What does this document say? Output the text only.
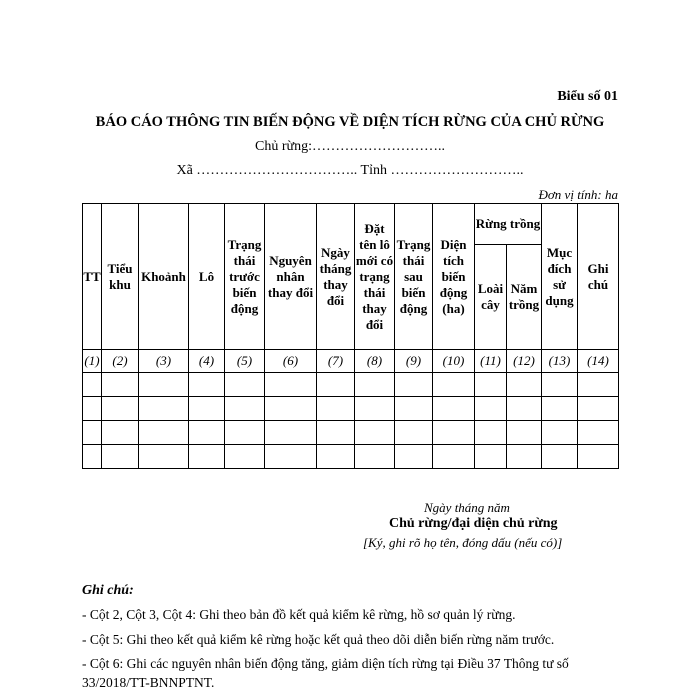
Biểu số 01
BÁO CÁO THÔNG TIN BIẾN ĐỘNG VỀ DIỆN TÍCH RỪNG CỦA CHỦ RỪNG
Chủ rừng:………………………..
Xã …………………………….. Tỉnh ………………………..
Đơn vị tính: ha
TT	Tiểu khu	Khoảnh	Lô	Trạng thái trước biến động	Nguyên nhân thay đổi	Ngày tháng thay đổi	Đặt tên lô mới có trạng thái thay đổi	Trạng thái sau biến động	Diện tích biến động (ha)	Rừng trồng		Mục đích sử dụng	Ghi chú
										Loài cây	Năm trồng		
(1)	(2)	(3)	(4)	(5)	(6)	(7)	(8)	(9)	(10)	(11)	(12)	(13)	(14)

Ngày tháng năm
Chủ rừng/đại diện chủ rừng
[Ký, ghi rõ họ tên, đóng dấu (nếu có)]
Ghi chú:
- Cột 2, Cột 3, Cột 4: Ghi theo bản đồ kết quả kiểm kê rừng, hồ sơ quản lý rừng.
- Cột 5: Ghi theo kết quả kiểm kê rừng hoặc kết quả theo dõi diễn biến rừng năm trước.
- Cột 6: Ghi các nguyên nhân biến động tăng, giảm diện tích rừng tại Điều 37 Thông tư số 33/2018/TT-BNNPTNT.
